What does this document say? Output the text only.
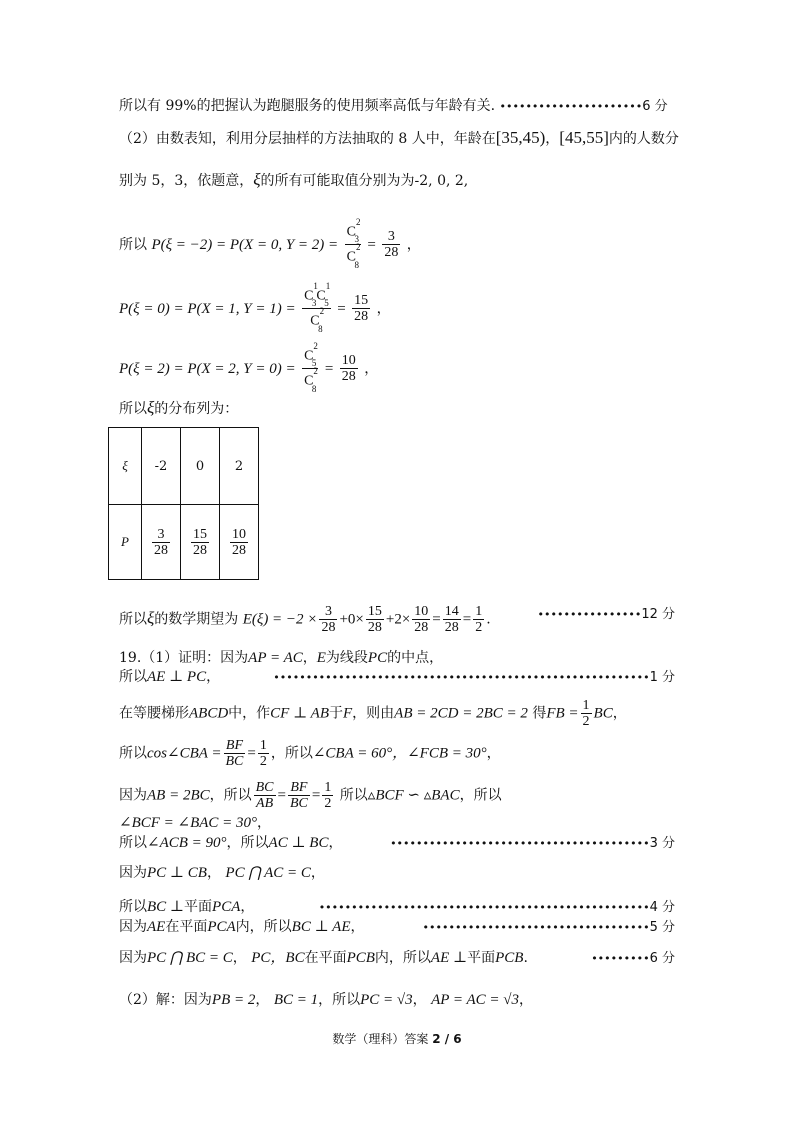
所以有 99%的把握认为跑腿服务的使用频率高低与年龄有关. ••••••••••••••••••••••6 分
（2）由数表知，利用分层抽样的方法抽取的 8 人中，年龄在[35,45)，[45,55]内的人数分
别为 5，3，依题意，ξ的所有可能取值分别为为-2, 0, 2,
所以 P(ξ = −2) = P(X = 0, $Y = 2) = \frac{C^2_3}{C^2_8} = \frac{3}{28}$ ，
P(ξ = 0) = P(X = 1, $Y = 1) = \frac{C^1_3C^1_5}{C^2_8} = \frac{15}{28}$ ，
P(ξ = 2) = P(X = 2, $Y = 0) = \frac{C^2_5}{C^2_8} = \frac{10}{28}$ ，
所以ξ的分布列为：
ξ	-2	0	2
P	$\frac{3}{28}$	$\frac{15}{28}$	$\frac{10}{28}$
所以ξ的数学期望为 $E(\xi) = -2 \times \frac{3}{28} +0\times \frac{15}{28} +2\times \frac{10}{28} = \frac{14}{28} = \frac{1}{2}$ .	••••••••••••••••12 分
19.（1）证明：因为AP = AC，E为线段PC的中点，
所以AE ⊥ PC，	••••••••••••••••••••••••••••••••••••••••••••••••••••••••••1 分
在等腰梯形ABCD中，作CF ⊥ AB于F，则由AB = 2CD = 2BC = 2 得FB = $\frac{1}{2}$ BC，
所以cos∠CBA = $\frac{BF}{BC} = \frac{1}{2}$ ，所以∠CBA = 60°，∠FCB = 30°，
因为AB = 2BC，所以 $\frac{BC}{AB} = \frac{BF}{BC} = \frac{1}{2}$ 所以▵BCF ∽ ▵BAC，所以
∠BCF = ∠BAC = 30°，
所以∠ACB = 90°，所以AC ⊥ BC，	••••••••••••••••••••••••••••••••••••••••3 分
因为PC ⊥ CB， PC ⋂ AC = C，
所以BC ⊥平面PCA，	•••••••••••••••••••••••••••••••••••••••••••••••••••4 分
因为AE在平面PCA内，所以BC ⊥ AE，	•••••••••••••••••••••••••••••••••••5 分
因为PC ⋂ BC = C， PC，BC在平面PCB内，所以AE ⊥平面PCB.	•••••••••6 分
（2）解：因为PB = 2， BC = 1，所以PC = √3， AP = AC = √3，
数学（理科）答案 2 / 6
